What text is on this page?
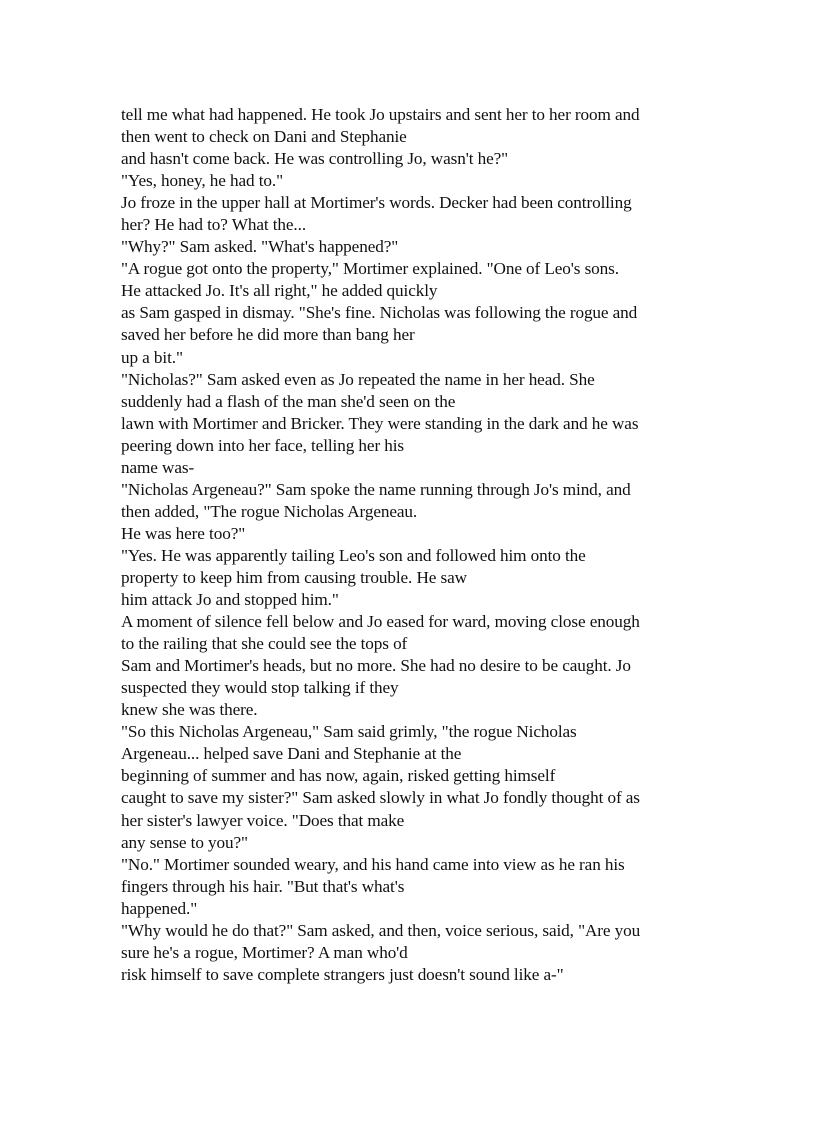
tell me what had happened. He took Jo upstairs and sent her to her room and
then went to check on Dani and Stephanie
and hasn't come back. He was controlling Jo, wasn't he?"
"Yes, honey, he had to."
Jo froze in the upper hall at Mortimer's words. Decker had been controlling
her? He had to? What the...
"Why?" Sam asked. "What's happened?"
"A rogue got onto the property," Mortimer explained. "One of Leo's sons.
He attacked Jo. It's all right," he added quickly
as Sam gasped in dismay. "She's fine. Nicholas was following the rogue and
saved her before he did more than bang her
up a bit."
"Nicholas?" Sam asked even as Jo repeated the name in her head. She
suddenly had a flash of the man she'd seen on the
lawn with Mortimer and Bricker. They were standing in the dark and he was
peering down into her face, telling her his
name was-
"Nicholas Argeneau?" Sam spoke the name running through Jo's mind, and
then added, "The rogue Nicholas Argeneau.
He was here too?"
"Yes. He was apparently tailing Leo's son and followed him onto the
property to keep him from causing trouble. He saw
him attack Jo and stopped him."
A moment of silence fell below and Jo eased for ward, moving close enough
to the railing that she could see the tops of
Sam and Mortimer's heads, but no more. She had no desire to be caught. Jo
suspected they would stop talking if they
knew she was there.
"So this Nicholas Argeneau," Sam said grimly, "the rogue Nicholas
Argeneau... helped save Dani and Stephanie at the
beginning of summer and has now, again, risked getting himself
caught to save my sister?" Sam asked slowly in what Jo fondly thought of as
her sister's lawyer voice. "Does that make
any sense to you?"
"No." Mortimer sounded weary, and his hand came into view as he ran his
fingers through his hair. "But that's what's
happened."
"Why would he do that?" Sam asked, and then, voice serious, said, "Are you
sure he's a rogue, Mortimer? A man who'd
risk himself to save complete strangers just doesn't sound like a-"
